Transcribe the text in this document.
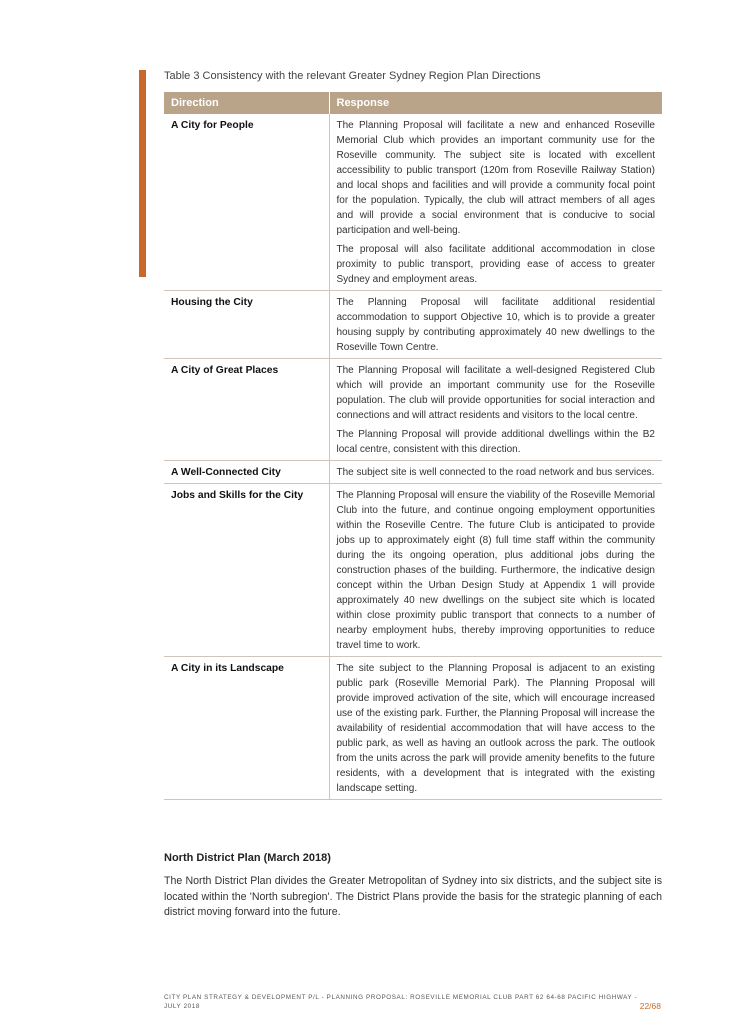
Table 3 Consistency with the relevant Greater Sydney Region Plan Directions
Direction	Response
A City for People	The Planning Proposal will facilitate a new and enhanced Roseville Memorial Club which provides an important community use for the Roseville community. The subject site is located with excellent accessibility to public transport (120m from Roseville Railway Station) and local shops and facilities and will provide a community focal point for the population. Typically, the club will attract members of all ages and will provide a social environment that is conducive to social participation and well-being.

The proposal will also facilitate additional accommodation in close proximity to public transport, providing ease of access to greater Sydney and employment areas.

Housing the City	The Planning Proposal will facilitate additional residential accommodation to support Objective 10, which is to provide a greater housing supply by contributing approximately 40 new dwellings to the Roseville Town Centre.

A City of Great Places	The Planning Proposal will facilitate a well-designed Registered Club which will provide an important community use for the Roseville population. The club will provide opportunities for social interaction and connections and will attract residents and visitors to the local centre.

The Planning Proposal will provide additional dwellings within the B2 local centre, consistent with this direction.

A Well-Connected City	The subject site is well connected to the road network and bus services.

Jobs and Skills for the City	The Planning Proposal will ensure the viability of the Roseville Memorial Club into the future, and continue ongoing employment opportunities within the Roseville Centre. The future Club is anticipated to provide jobs up to approximately eight (8) full time staff within the community during the its ongoing operation, plus additional jobs during the construction phases of the building. Furthermore, the indicative design concept within the Urban Design Study at Appendix 1 will provide approximately 40 new dwellings on the subject site which is located within close proximity public transport that connects to a number of nearby employment hubs, thereby improving opportunities to reduce travel time to work.

A City in its Landscape	The site subject to the Planning Proposal is adjacent to an existing public park (Roseville Memorial Park). The Planning Proposal will provide improved activation of the site, which will encourage increased use of the existing park. Further, the Planning Proposal will increase the availability of residential accommodation that will have access to the public park, as well as having an outlook across the park. The outlook from the units across the park will provide amenity benefits to the future residents, with a development that is integrated with the existing landscape setting.

North District Plan (March 2018)

The North District Plan divides the Greater Metropolitan of Sydney into six districts, and the subject site is located within the 'North subregion'. The District Plans provide the basis for the strategic planning of each district moving forward into the future.

CITY PLAN STRATEGY & DEVELOPMENT P/L - PLANNING PROPOSAL: ROSEVILLE MEMORIAL CLUB PART 62 64-68 PACIFIC HIGHWAY - JULY 2018	22/68
